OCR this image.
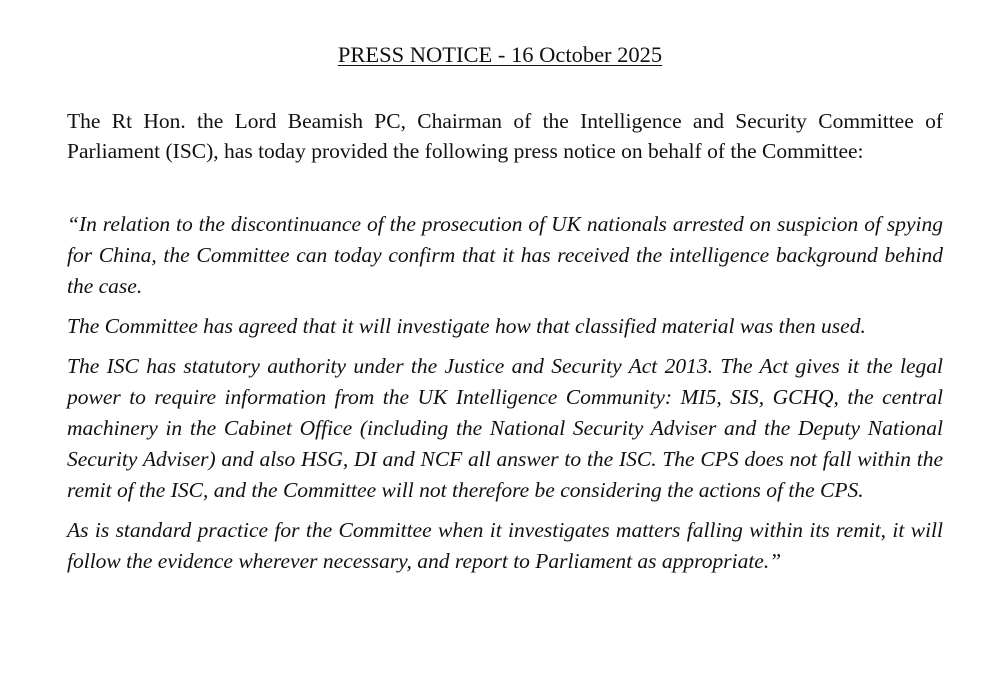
PRESS NOTICE - 16 October 2025
The Rt Hon. the Lord Beamish PC, Chairman of the Intelligence and Security Committee of Parliament (ISC), has today provided the following press notice on behalf of the Committee:

“In relation to the discontinuance of the prosecution of UK nationals arrested on suspicion of spying for China, the Committee can today confirm that it has received the intelligence background behind the case.

The Committee has agreed that it will investigate how that classified material was then used.

The ISC has statutory authority under the Justice and Security Act 2013. The Act gives it the legal power to require information from the UK Intelligence Community: MI5, SIS, GCHQ, the central machinery in the Cabinet Office (including the National Security Adviser and the Deputy National Security Adviser) and also HSG, DI and NCF all answer to the ISC. The CPS does not fall within the remit of the ISC, and the Committee will not therefore be considering the actions of the CPS.

As is standard practice for the Committee when it investigates matters falling within its remit, it will follow the evidence wherever necessary, and report to Parliament as appropriate.”
